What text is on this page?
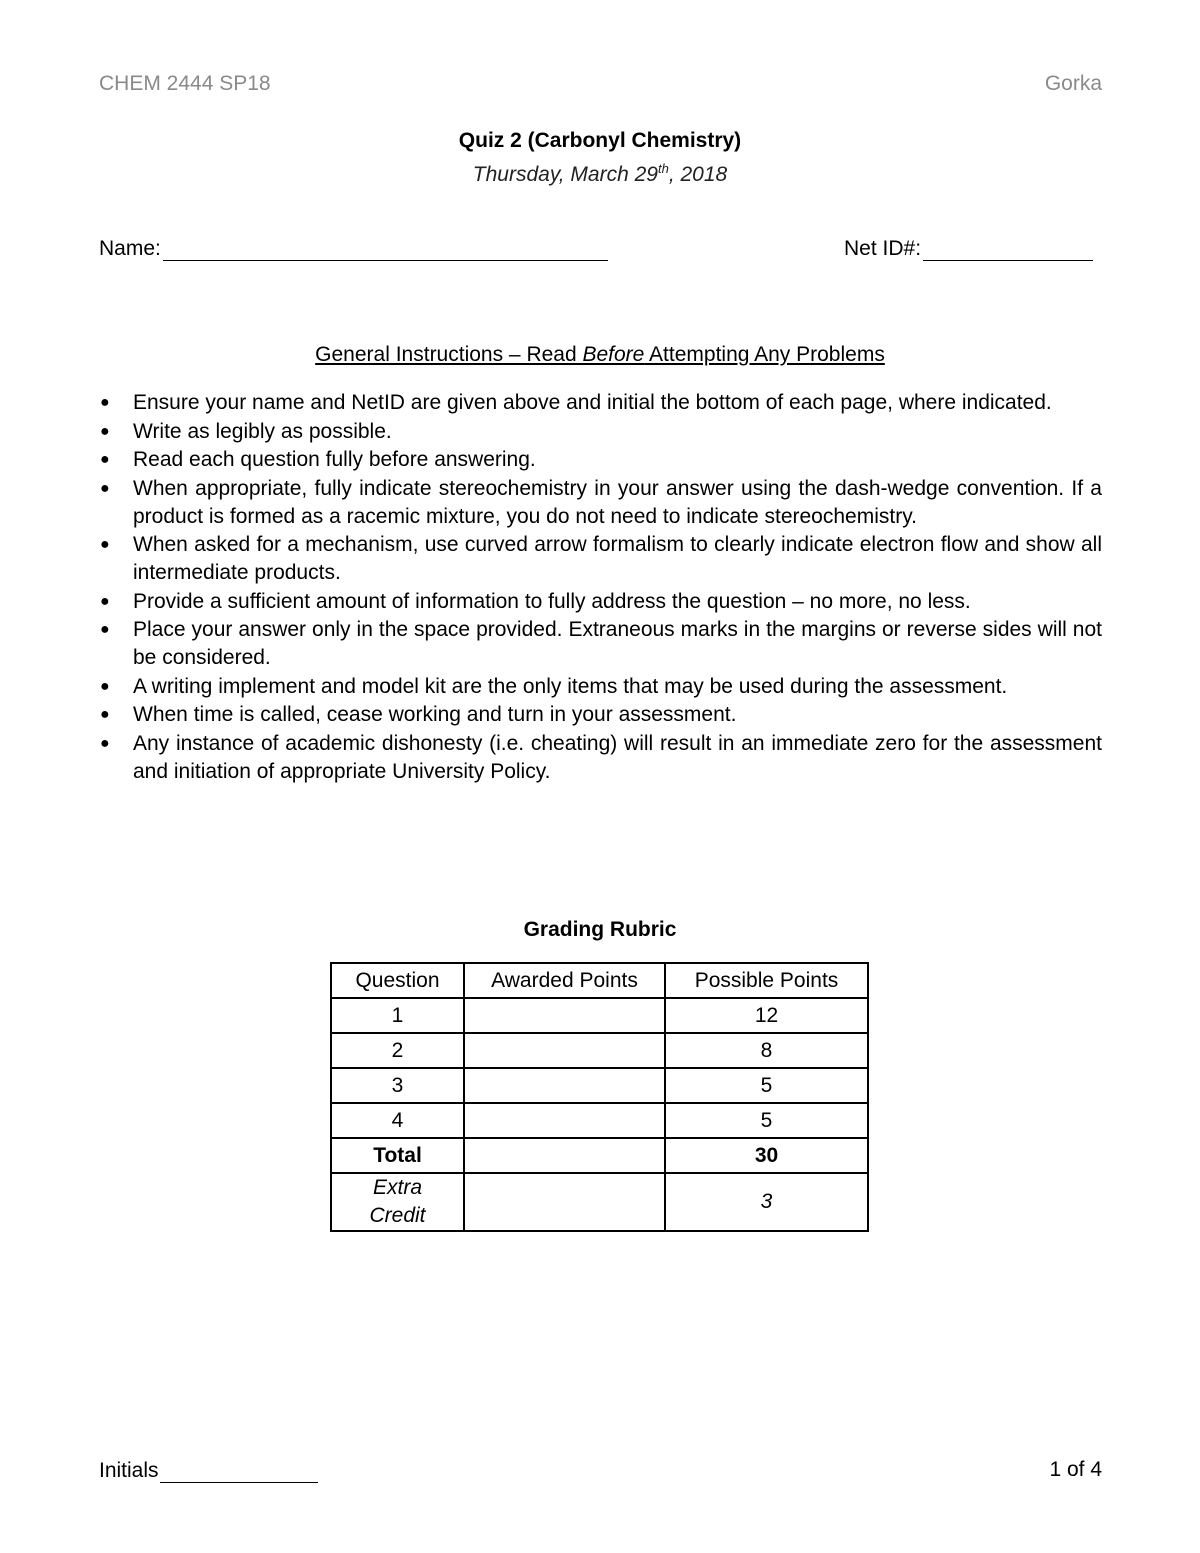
CHEM 2444 SP18	Gorka
Quiz 2 (Carbonyl Chemistry)
Thursday, March 29th, 2018
Name:	Net ID#:
General Instructions – Read Before Attempting Any Problems
● Ensure your name and NetID are given above and initial the bottom of each page, where indicated.
● Write as legibly as possible.
● Read each question fully before answering.
● When appropriate, fully indicate stereochemistry in your answer using the dash-wedge convention. If a product is formed as a racemic mixture, you do not need to indicate stereochemistry.
● When asked for a mechanism, use curved arrow formalism to clearly indicate electron flow and show all intermediate products.
● Provide a sufficient amount of information to fully address the question – no more, no less.
● Place your answer only in the space provided. Extraneous marks in the margins or reverse sides will not be considered.
● A writing implement and model kit are the only items that may be used during the assessment.
● When time is called, cease working and turn in your assessment.
● Any instance of academic dishonesty (i.e. cheating) will result in an immediate zero for the assessment and initiation of appropriate University Policy.
Grading Rubric
Question	Awarded Points	Possible Points
1		12
2		8
3		5
4		5
Total		30
Extra Credit		3
Initials	1 of 4
